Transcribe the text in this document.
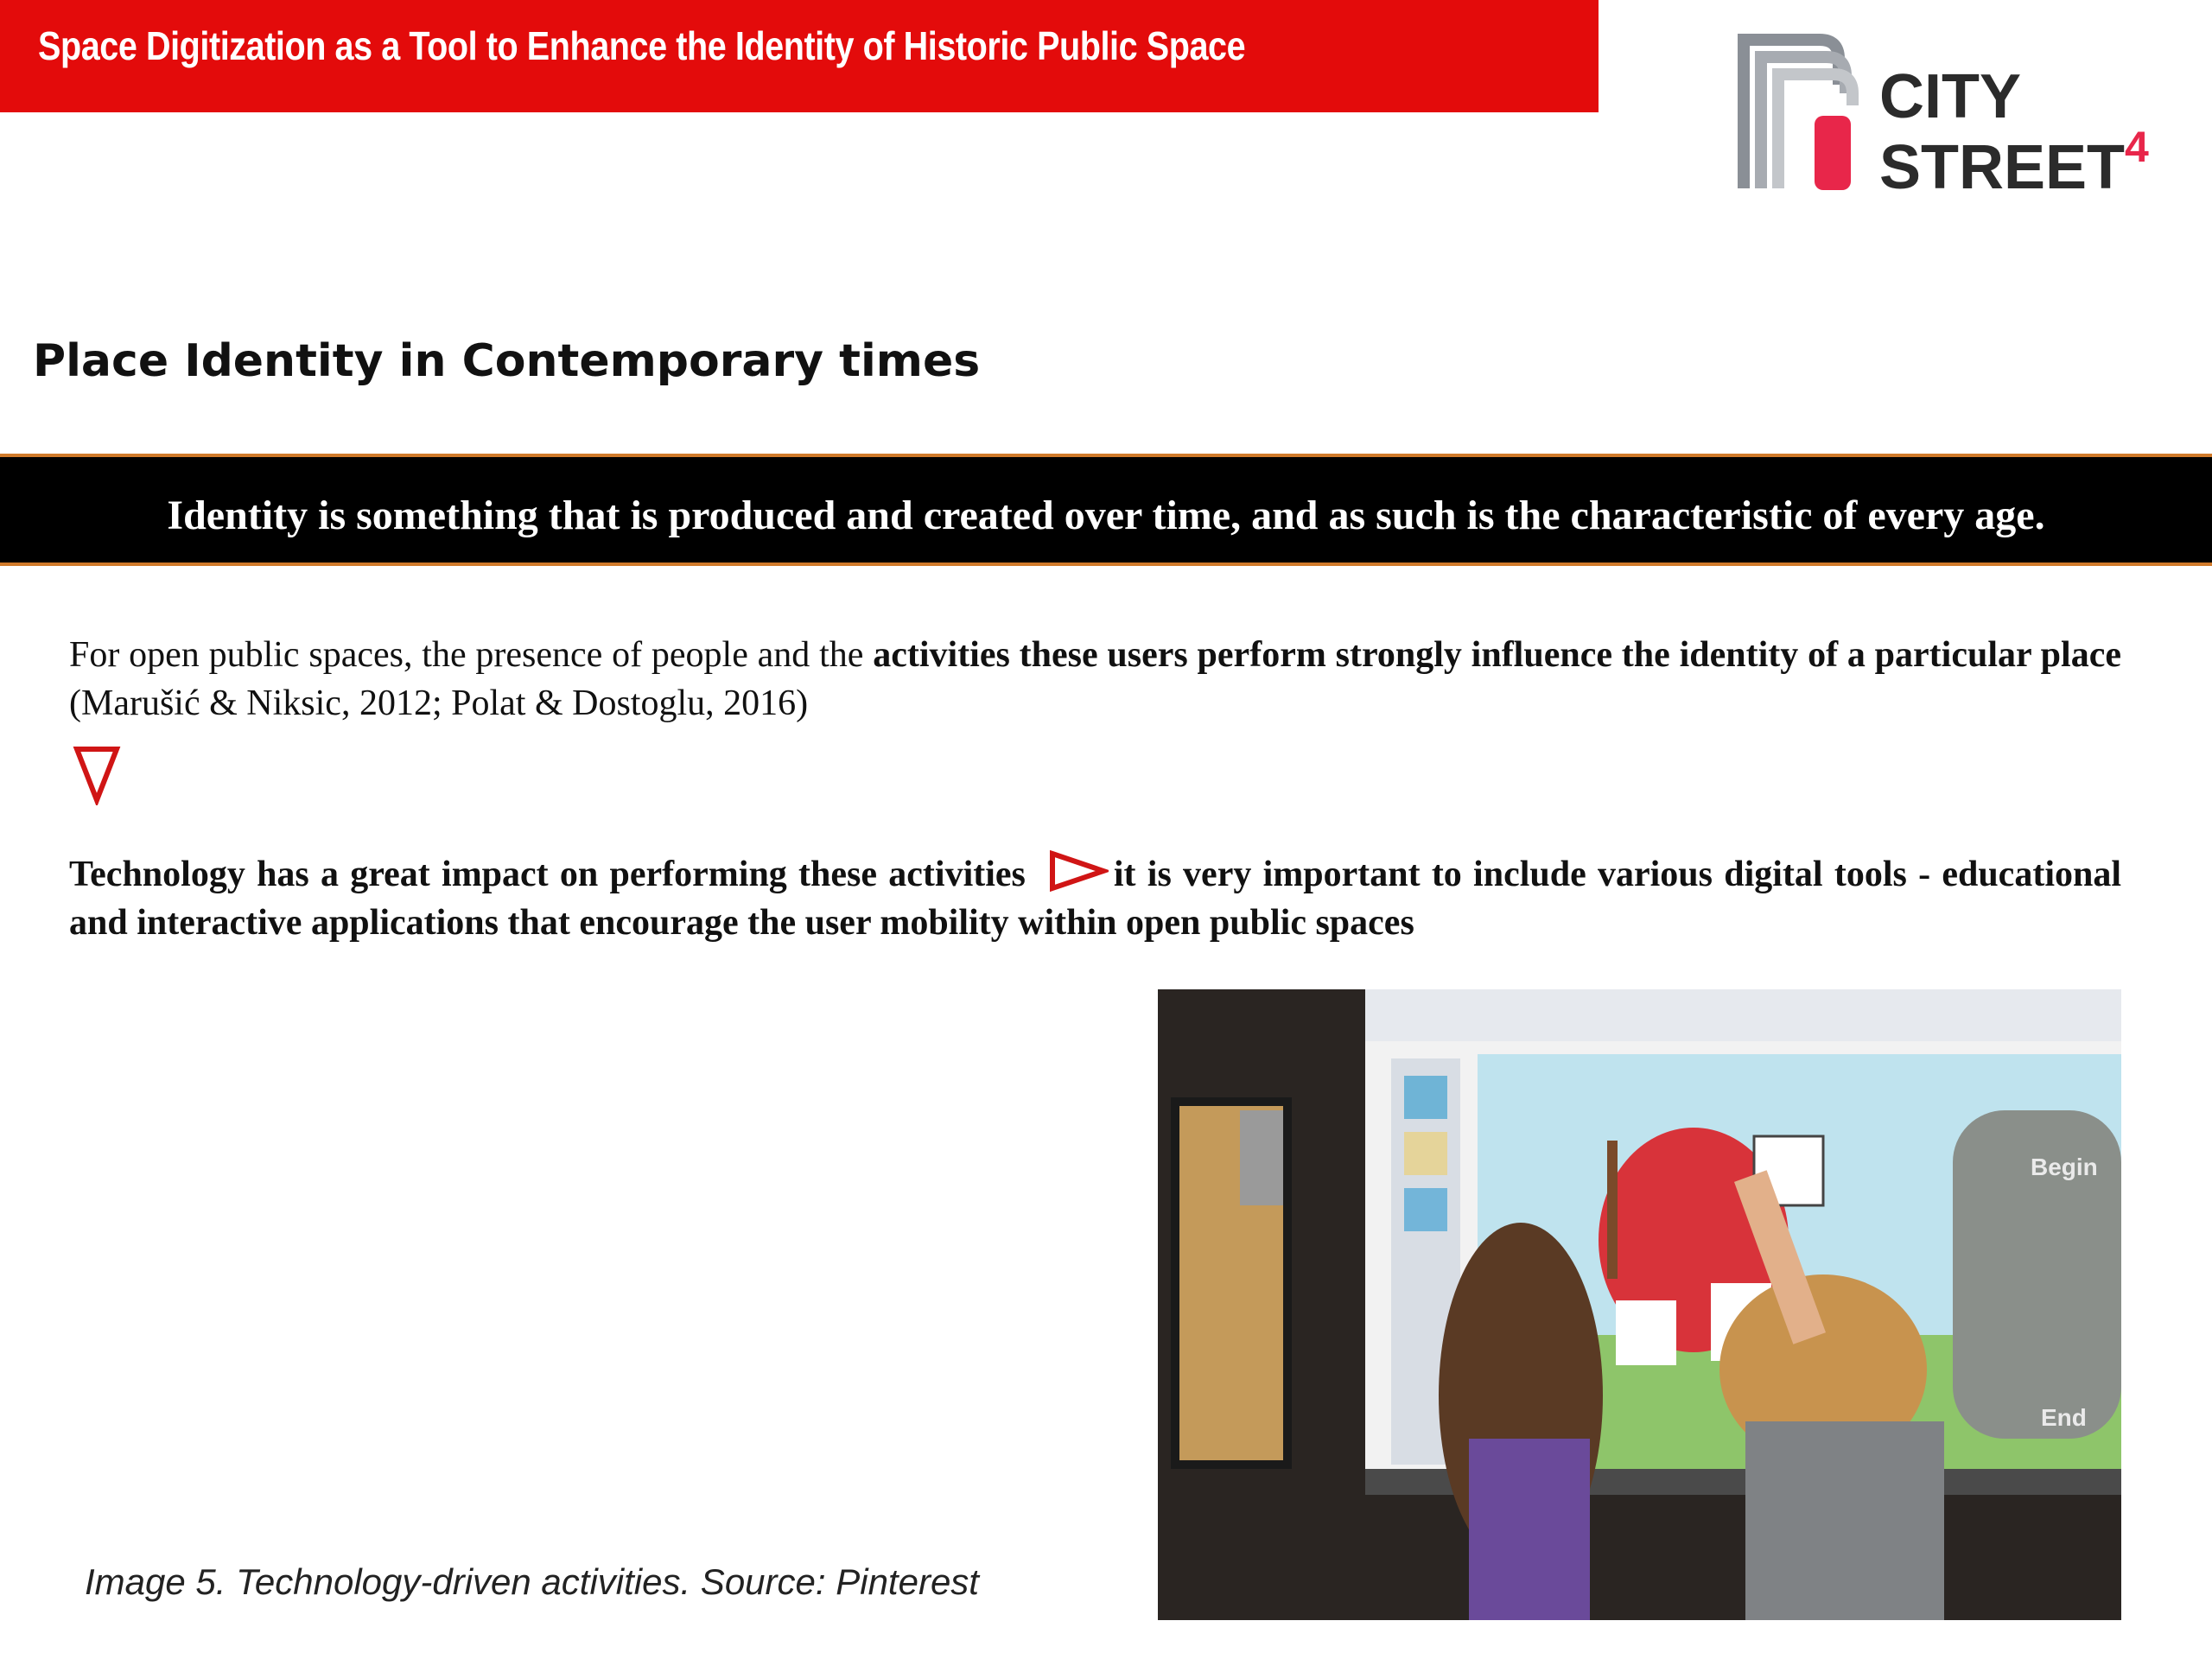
Space Digitization as a Tool to Enhance the Identity of Historic Public Space
CITY
STREET$^4$
Place Identity in Contemporary times
Identity is something that is produced and created over time, and as such is the characteristic of every age.
For open public spaces, the presence of people and the activities these users perform strongly influence the identity of a particular place (Marušić & Niksic, 2012; Polat & Dostoglu, 2016)
Technology has a great impact on performing these activities it is very important to include various digital tools - educational and interactive applications that encourage the user mobility within open public spaces
Begin
End
Image 5. Technology-driven activities. Source: Pinterest
